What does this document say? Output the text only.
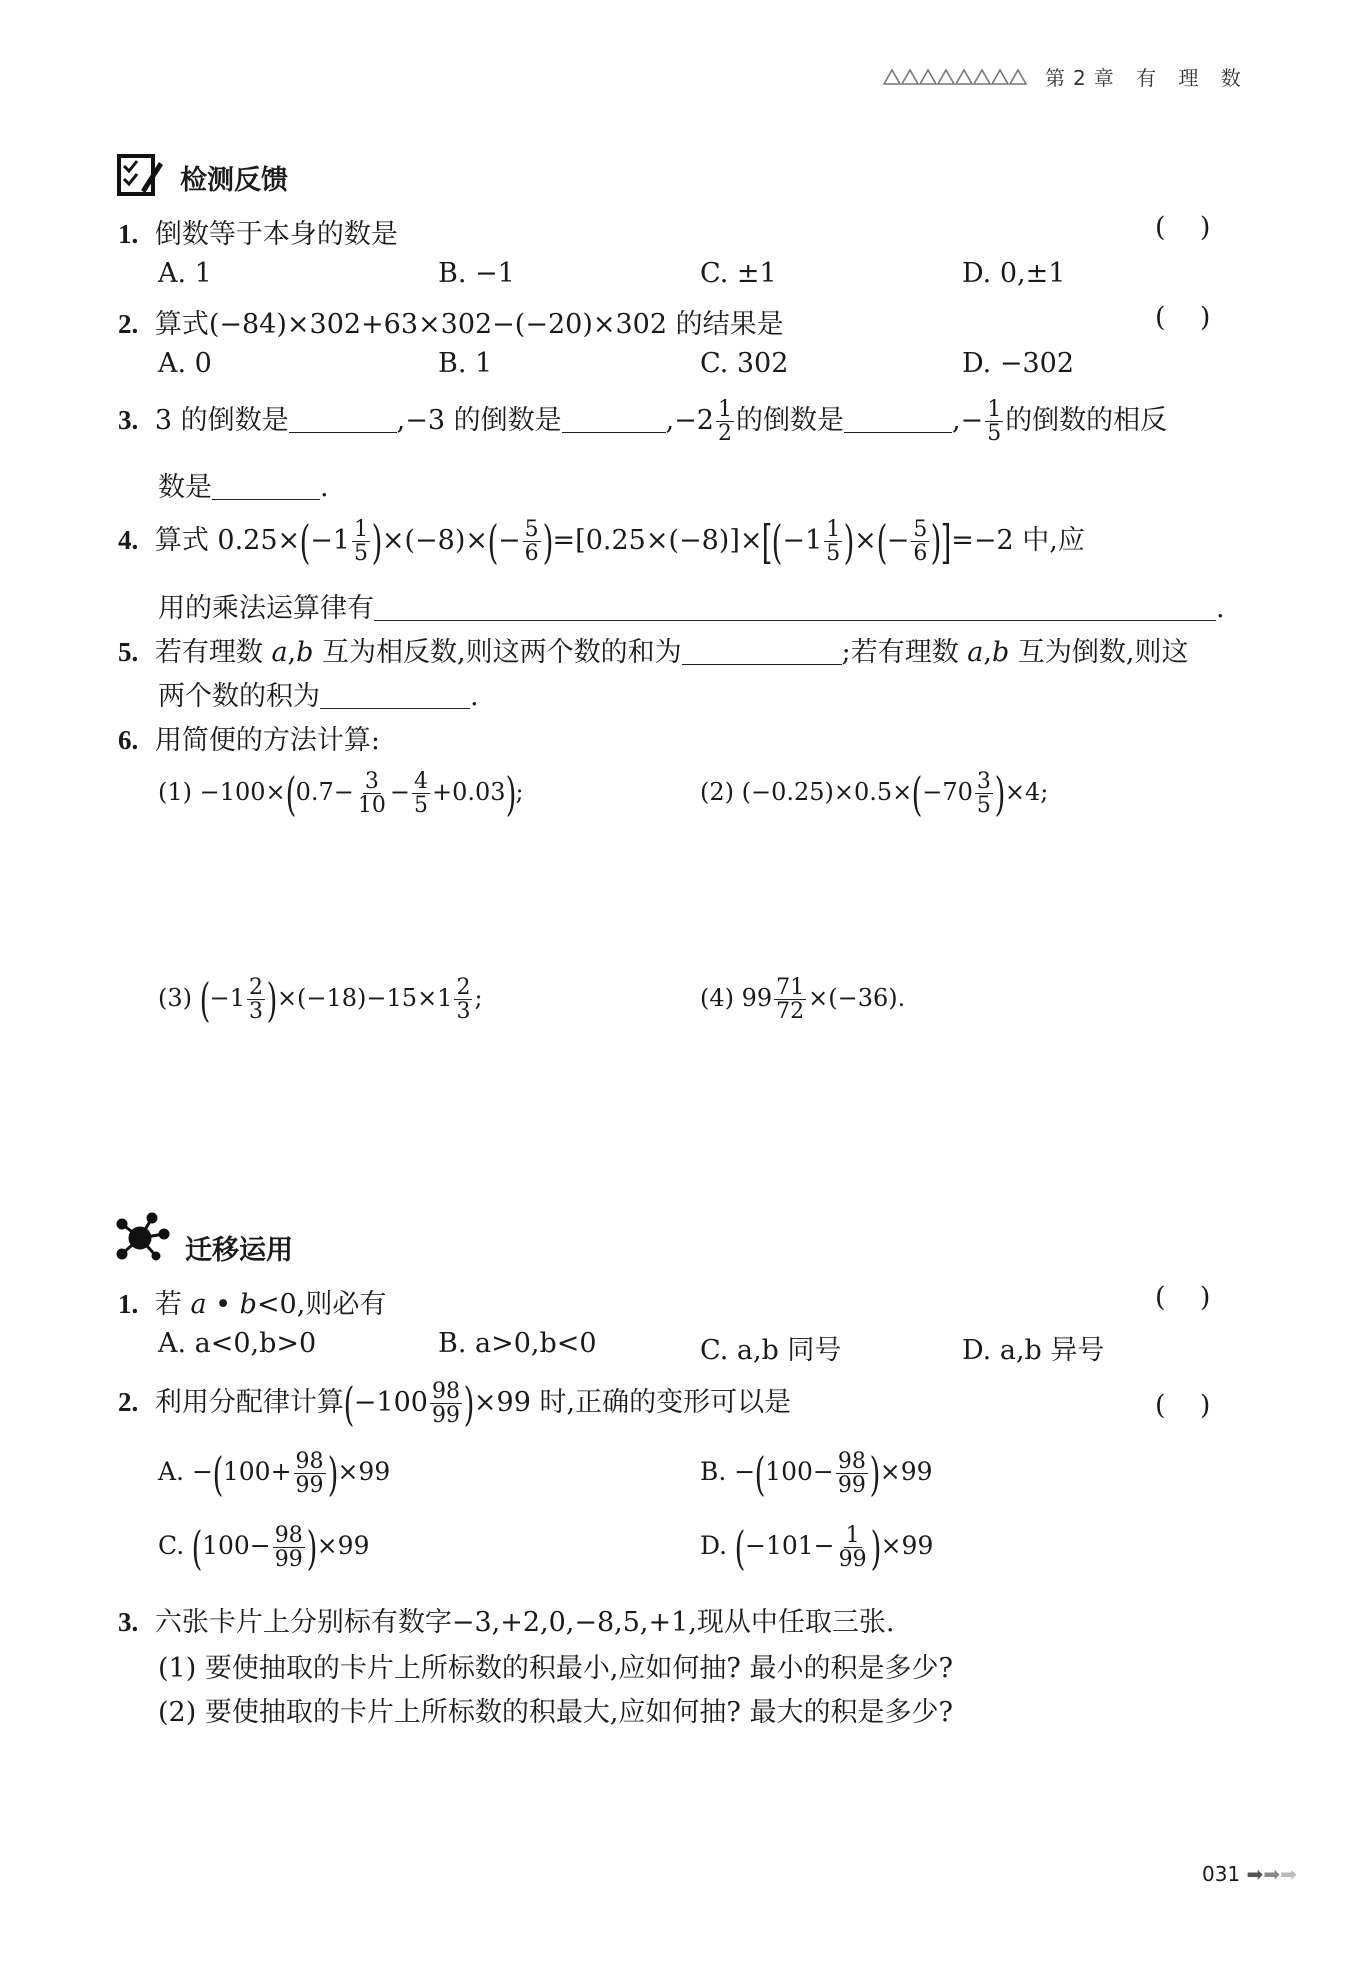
第2章 有 理 数
检测反馈
1. 倒数等于本身的数是	(    )
A. 1	B. −1	C. ±1	D. 0,±1
2. 算式(−84)×302+63×302−(−20)×302 的结果是	(    )
A. 0	B. 1	C. 302	D. −302
3. 3 的倒数是	,−3 的倒数是	$,-2 \frac{1}{2}$ 的倒数是	,− $\frac{1}{5}$ 的倒数的相反
数是	.
4. 算式 $0.25\times(-1 \frac{1}{5} )\times(-8)\times(- \frac{5}{6} )=[0.25\times(-8)]\times[(-1 \frac{1}{5}$ )×(− $\frac{5}{6} )]=-2$ 中,应
用的乘法运算律有	.
5. 若有理数 a,b 互为相反数,则这两个数的和为	;若有理数 a,b 互为倒数,则这
两个数的积为	.
6. 用简便的方法计算:
$(1) -100\times(0.7- \frac{3}{10} - \frac{4}{5} +0.03)$;	(2) $(-0.25)\times 0.5\times(-70 \frac{3}{5} )\times 4$;
(3) $(-1 \frac{2}{3} )\times(-18)-15\times 1 \frac{2}{3}$ ;	(4) $99 \frac{71}{72} \times(-36)$.
迁移运用
1. 若 a • b<0,则必有	(    )
A. a<0,b>0	B. a>0,b<0	C. a,b 同号	D. a,b 异号
2. 利用分配律计算$(-100 \frac{98}{99} )\times 99$ 时,正确的变形可以是	(    )
A. $-(100+ \frac{98}{99} )\times 99$	B. $-(100- \frac{98}{99} )\times 99$
C. $(100- \frac{98}{99} )\times 99$	D. $(-101- \frac{1}{99} )\times 99$
3. 六张卡片上分别标有数字−3,+2,0,−8,5,+1,现从中任取三张.
(1) 要使抽取的卡片上所标数的积最小,应如何抽? 最小的积是多少?
(2) 要使抽取的卡片上所标数的积最大,应如何抽? 最大的积是多少?
031 ➡➡➡
